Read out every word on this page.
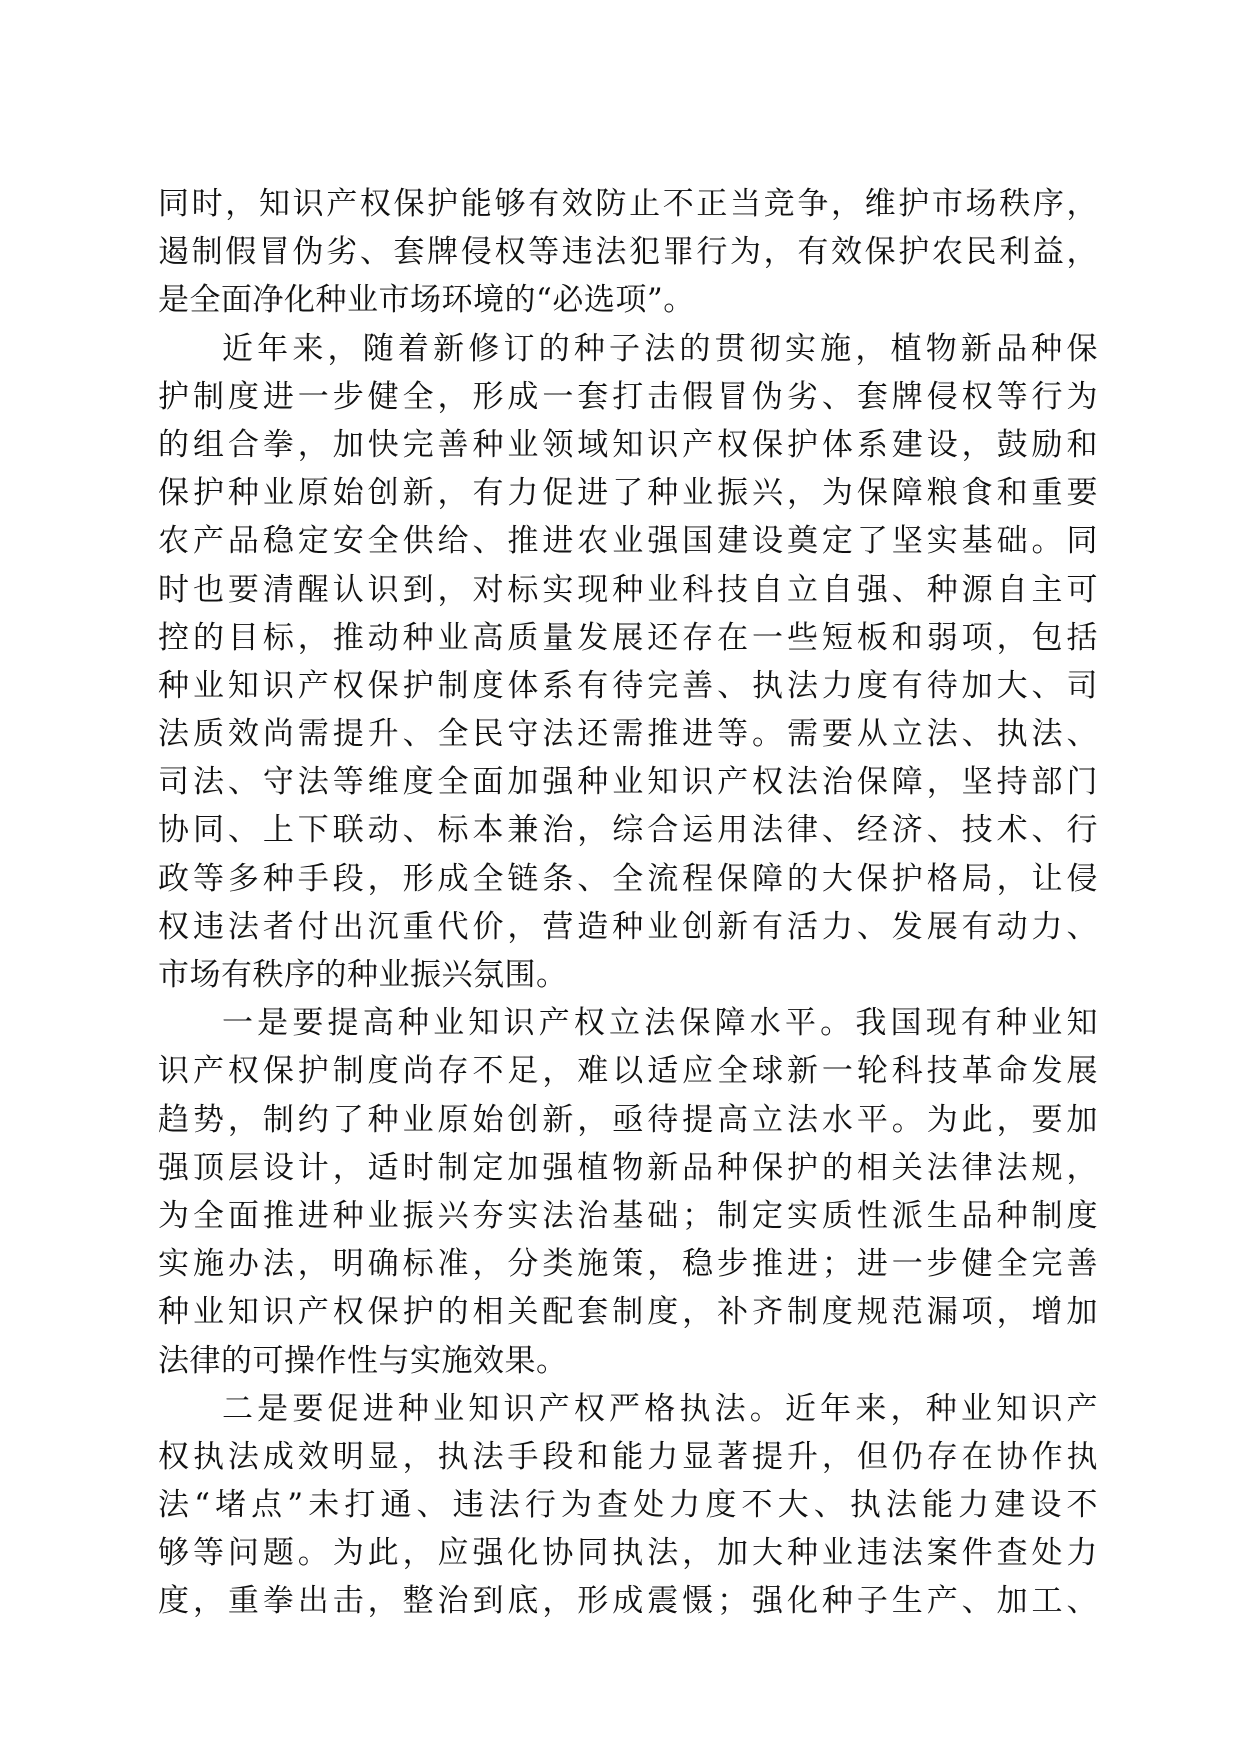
同时，知识产权保护能够有效防止不正当竞争，维护市场秩序，
遏制假冒伪劣、套牌侵权等违法犯罪行为，有效保护农民利益，
是全面净化种业市场环境的“必选项”。
近年来，随着新修订的种子法的贯彻实施，植物新品种保
护制度进一步健全，形成一套打击假冒伪劣、套牌侵权等行为
的组合拳，加快完善种业领域知识产权保护体系建设，鼓励和
保护种业原始创新，有力促进了种业振兴，为保障粮食和重要
农产品稳定安全供给、推进农业强国建设奠定了坚实基础。同
时也要清醒认识到，对标实现种业科技自立自强、种源自主可
控的目标，推动种业高质量发展还存在一些短板和弱项，包括
种业知识产权保护制度体系有待完善、执法力度有待加大、司
法质效尚需提升、全民守法还需推进等。需要从立法、执法、
司法、守法等维度全面加强种业知识产权法治保障，坚持部门
协同、上下联动、标本兼治，综合运用法律、经济、技术、行
政等多种手段，形成全链条、全流程保障的大保护格局，让侵
权违法者付出沉重代价，营造种业创新有活力、发展有动力、
市场有秩序的种业振兴氛围。
一是要提高种业知识产权立法保障水平。我国现有种业知
识产权保护制度尚存不足，难以适应全球新一轮科技革命发展
趋势，制约了种业原始创新，亟待提高立法水平。为此，要加
强顶层设计，适时制定加强植物新品种保护的相关法律法规，
为全面推进种业振兴夯实法治基础；制定实质性派生品种制度
实施办法，明确标准，分类施策，稳步推进；进一步健全完善
种业知识产权保护的相关配套制度，补齐制度规范漏项，增加
法律的可操作性与实施效果。
二是要促进种业知识产权严格执法。近年来，种业知识产
权执法成效明显，执法手段和能力显著提升，但仍存在协作执
法“堵点”未打通、违法行为查处力度不大、执法能力建设不
够等问题。为此，应强化协同执法，加大种业违法案件查处力
度，重拳出击，整治到底，形成震慑；强化种子生产、加工、
